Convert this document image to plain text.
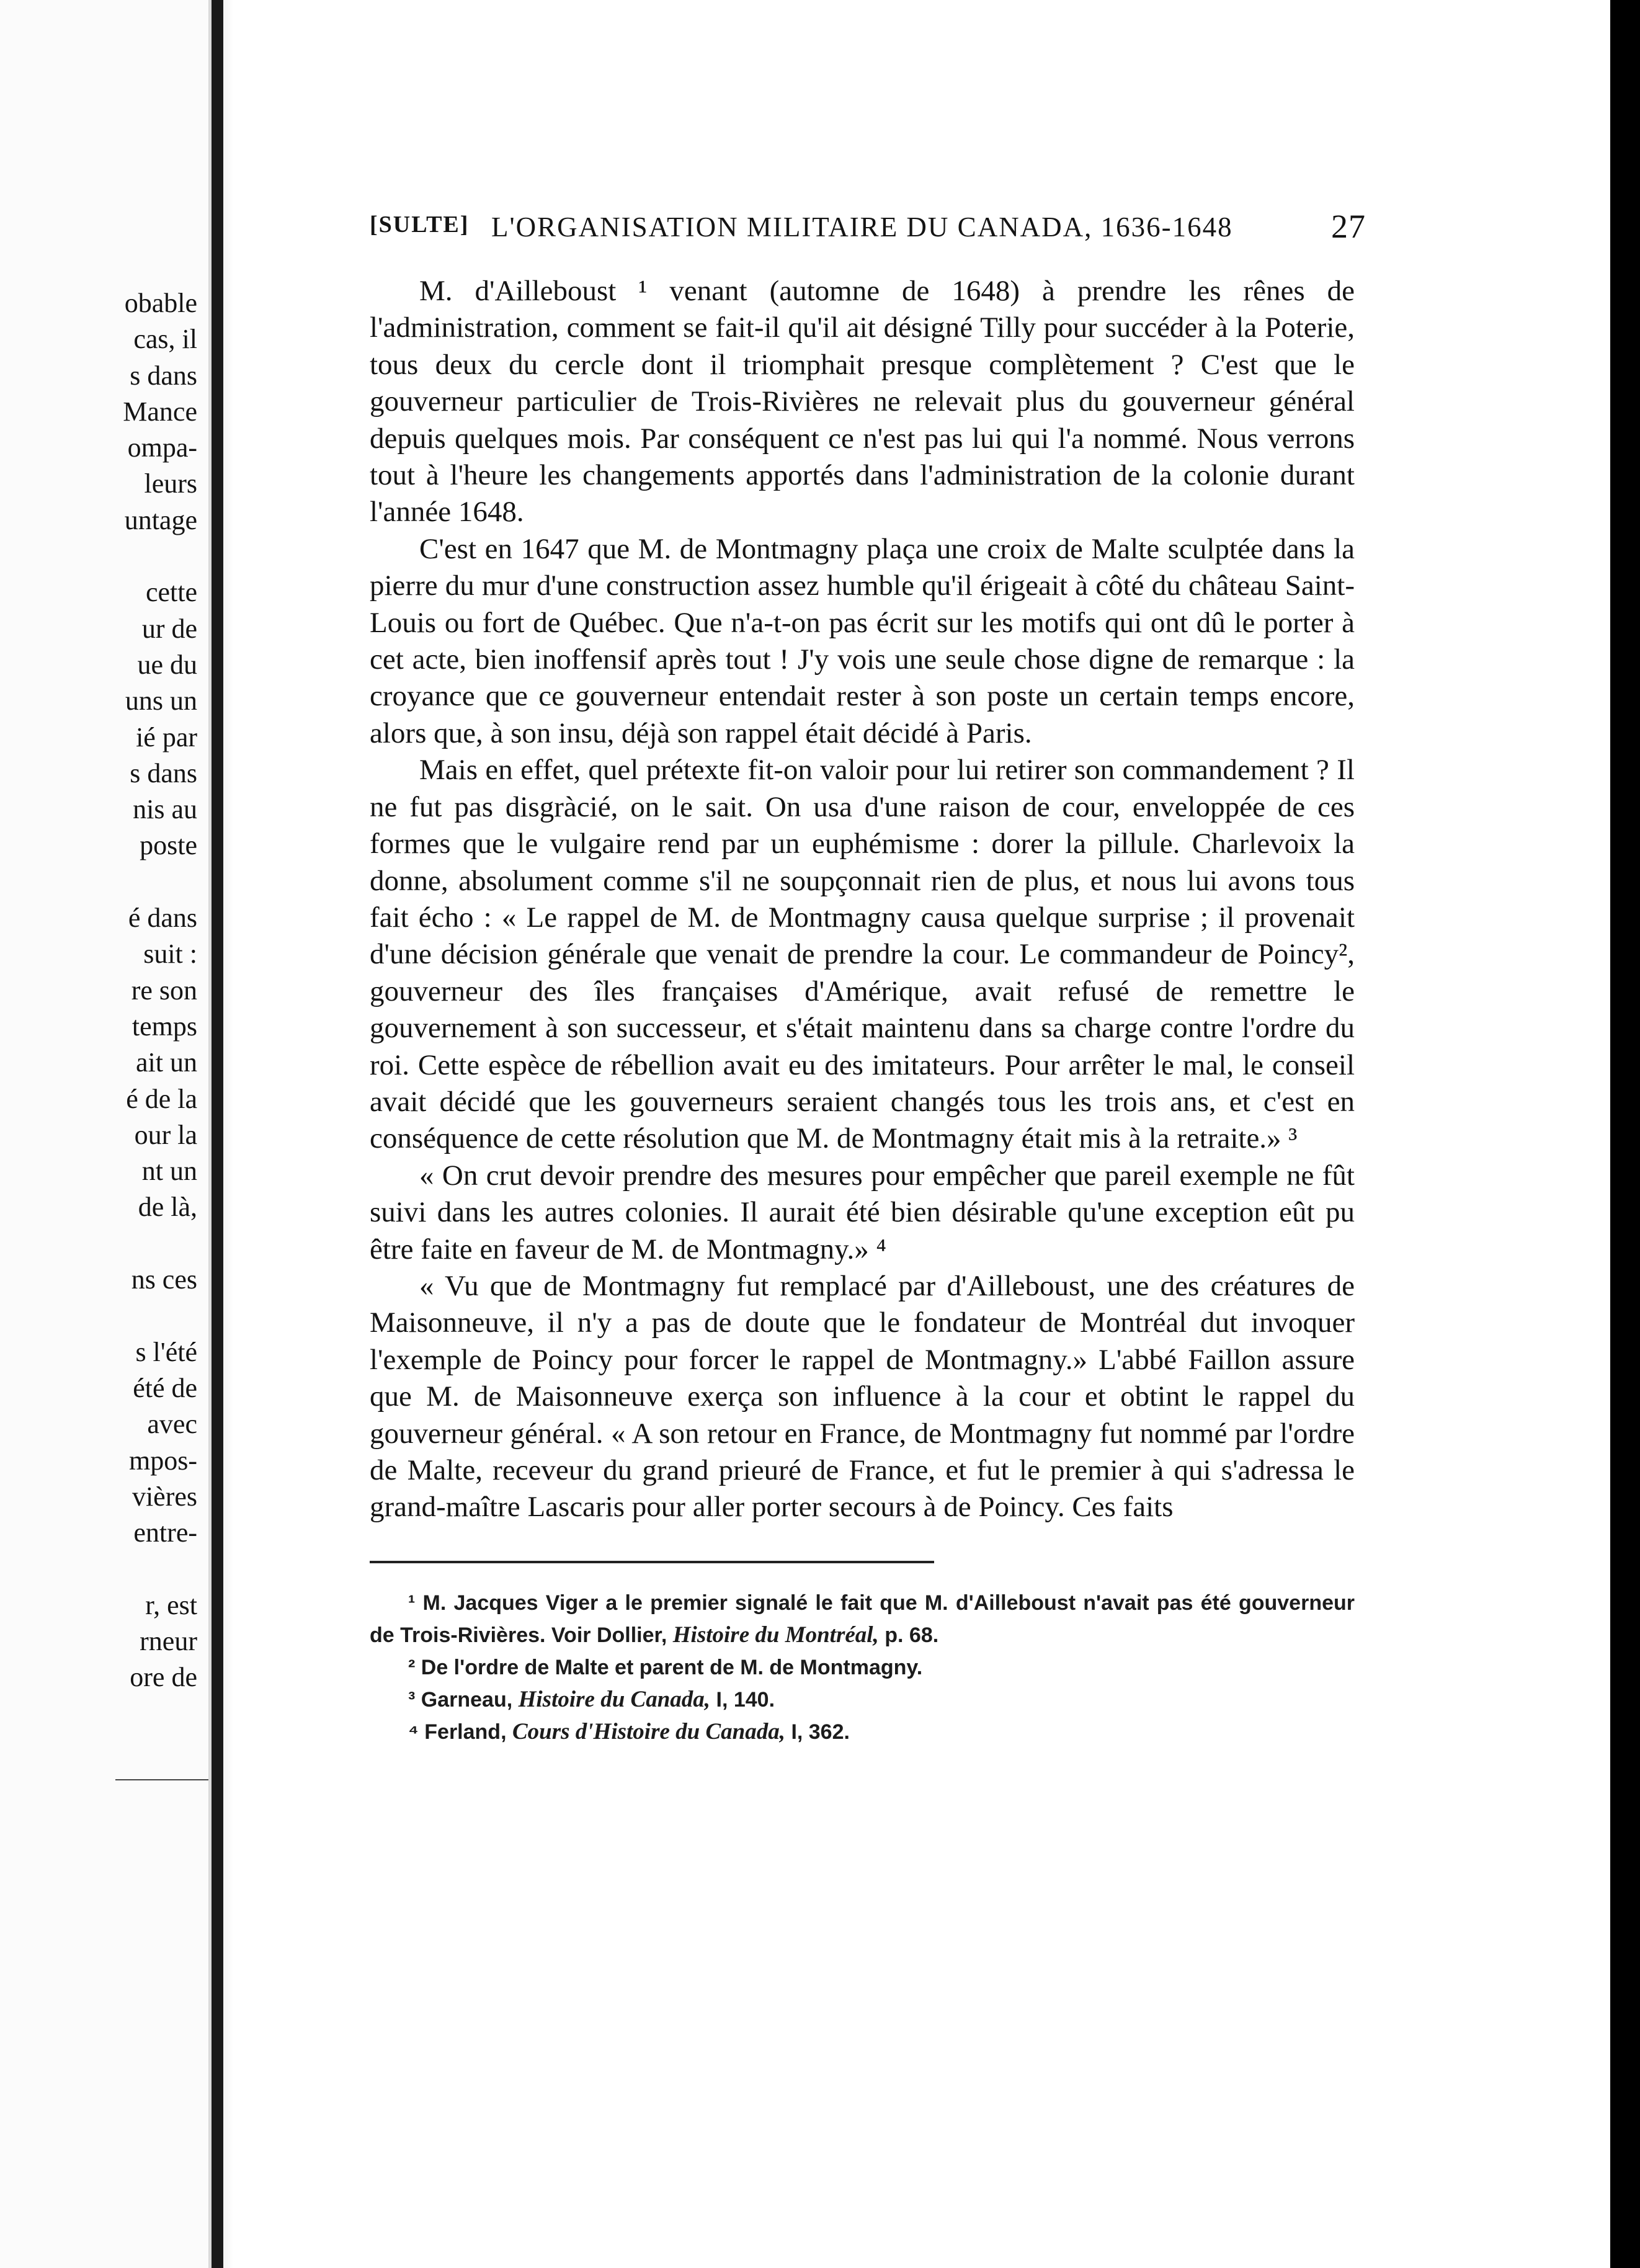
obable
cas, il
s dans
Mance
ompa-
leurs
untage

cette
ur de
ue du
uns un
ié par
s dans
nis au
poste

é dans
suit :
re son
temps
ait un
é de la
our la
nt un
de là,

ns ces

s l'été
été de
avec
mpos-
vières
entre-

r, est
rneur
ore de
[SULTE] L'ORGANISATION MILITAIRE DU CANADA, 1636-1648	27

M. d'Ailleboust ¹ venant (automne de 1648) à prendre les rênes de l'administration, comment se fait-il qu'il ait désigné Tilly pour succéder à la Poterie, tous deux du cercle dont il triomphait presque complètement ? C'est que le gouverneur particulier de Trois-Rivières ne relevait plus du gouverneur général depuis quelques mois. Par conséquent ce n'est pas lui qui l'a nommé. Nous verrons tout à l'heure les changements apportés dans l'administration de la colonie durant l'année 1648.

C'est en 1647 que M. de Montmagny plaça une croix de Malte sculptée dans la pierre du mur d'une construction assez humble qu'il érigeait à côté du château Saint-Louis ou fort de Québec. Que n'a-t-on pas écrit sur les motifs qui ont dû le porter à cet acte, bien inoffensif après tout ! J'y vois une seule chose digne de remarque : la croyance que ce gouverneur entendait rester à son poste un certain temps encore, alors que, à son insu, déjà son rappel était décidé à Paris.

Mais en effet, quel prétexte fit-on valoir pour lui retirer son commandement ? Il ne fut pas disgràcié, on le sait. On usa d'une raison de cour, enveloppée de ces formes que le vulgaire rend par un euphémisme : dorer la pillule. Charlevoix la donne, absolument comme s'il ne soupçonnait rien de plus, et nous lui avons tous fait écho : « Le rappel de M. de Montmagny causa quelque surprise ; il provenait d'une décision générale que venait de prendre la cour. Le commandeur de Poincy², gouverneur des îles françaises d'Amérique, avait refusé de remettre le gouvernement à son successeur, et s'était maintenu dans sa charge contre l'ordre du roi. Cette espèce de rébellion avait eu des imitateurs. Pour arrêter le mal, le conseil avait décidé que les gouverneurs seraient changés tous les trois ans, et c'est en conséquence de cette résolution que M. de Montmagny était mis à la retraite.» ³

« On crut devoir prendre des mesures pour empêcher que pareil exemple ne fût suivi dans les autres colonies. Il aurait été bien désirable qu'une exception eût pu être faite en faveur de M. de Montmagny.» ⁴

« Vu que de Montmagny fut remplacé par d'Ailleboust, une des créatures de Maisonneuve, il n'y a pas de doute que le fondateur de Montréal dut invoquer l'exemple de Poincy pour forcer le rappel de Montmagny.» L'abbé Faillon assure que M. de Maisonneuve exerça son influence à la cour et obtint le rappel du gouverneur général. « A son retour en France, de Montmagny fut nommé par l'ordre de Malte, receveur du grand prieuré de France, et fut le premier à qui s'adressa le grand-maître Lascaris pour aller porter secours à de Poincy. Ces faits

¹ M. Jacques Viger a le premier signalé le fait que M. d'Ailleboust n'avait pas été gouverneur de Trois-Rivières. Voir Dollier, Histoire du Montréal, p. 68.
² De l'ordre de Malte et parent de M. de Montmagny.
³ Garneau, Histoire du Canada, I, 140.
⁴ Ferland, Cours d'Histoire du Canada, I, 362.
